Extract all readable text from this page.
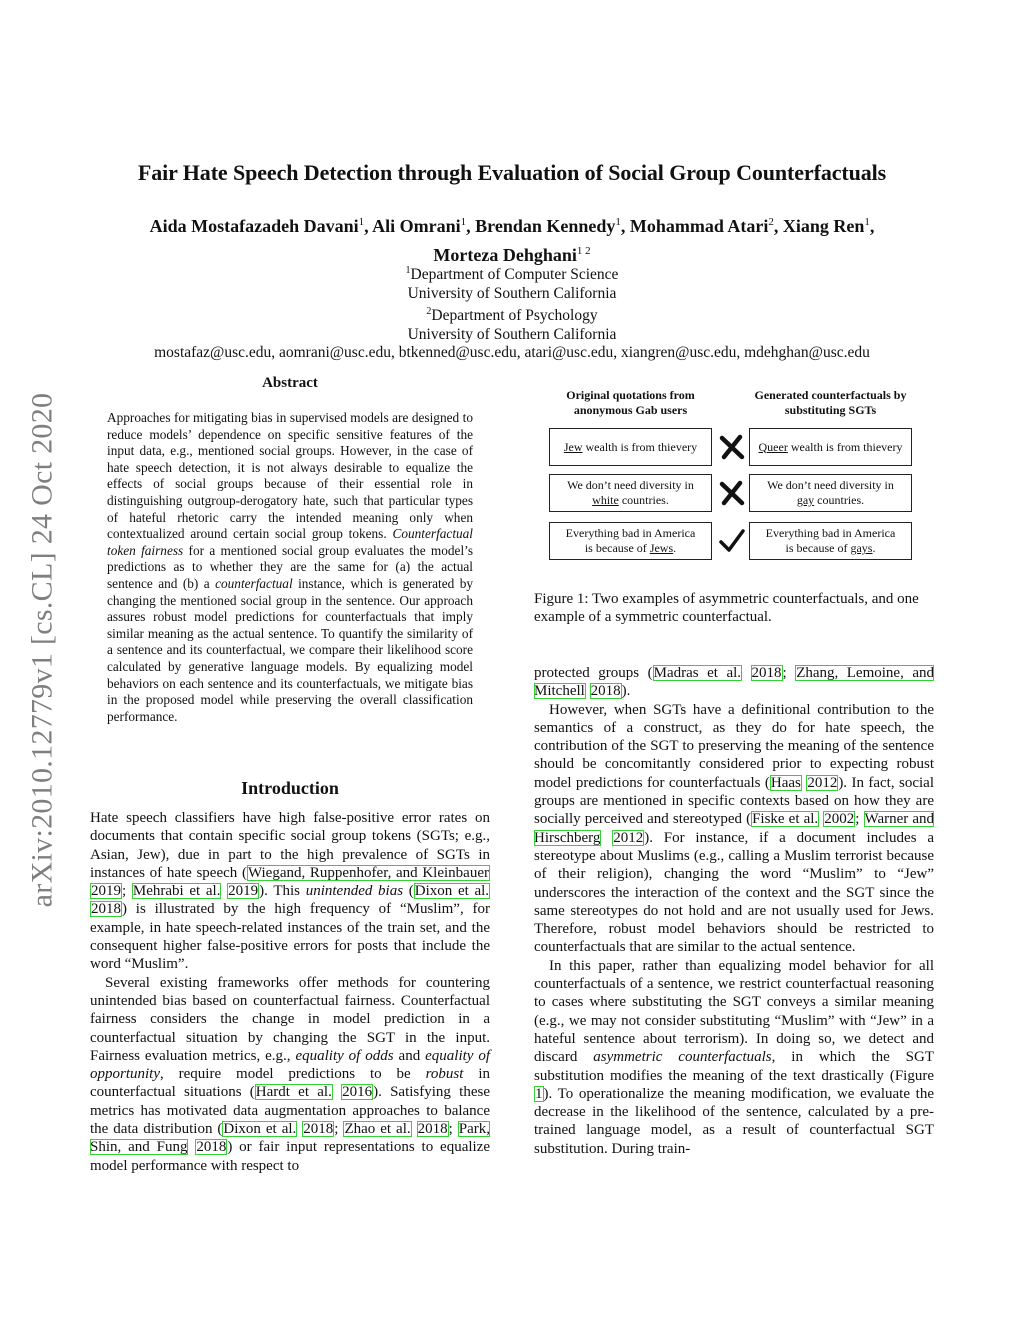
arXiv:2010.12779v1 [cs.CL] 24 Oct 2020
Fair Hate Speech Detection through Evaluation of Social Group Counterfactuals
Aida Mostafazadeh Davani$^1$, Ali Omrani$^1$, Brendan Kennedy$^1$, Mohammad Atari$^2$, Xiang Ren$^1$,
Morteza Dehghani$^{1 2}$
$^1$Department of Computer Science
University of Southern California
$^2$Department of Psychology
University of Southern California
mostafaz@usc.edu, aomrani@usc.edu, btkenned@usc.edu, atari@usc.edu, xiangren@usc.edu, mdehghan@usc.edu
Abstract
Approaches for mitigating bias in supervised models are designed to reduce models’ dependence on specific sensitive features of the input data, e.g., mentioned social groups. However, in the case of hate speech detection, it is not always desirable to equalize the effects of social groups because of their essential role in distinguishing outgroup-derogatory hate, such that particular types of hateful rhetoric carry the intended meaning only when contextualized around certain social group tokens. Counterfactual token fairness for a mentioned social group evaluates the model’s predictions as to whether they are the same for (a) the actual sentence and (b) a counterfactual instance, which is generated by changing the mentioned social group in the sentence. Our approach assures robust model predictions for counterfactuals that imply similar meaning as the actual sentence. To quantify the similarity of a sentence and its counterfactual, we compare their likelihood score calculated by generative language models. By equalizing model behaviors on each sentence and its counterfactuals, we mitigate bias in the proposed model while preserving the overall classification performance.
Introduction

Hate speech classifiers have high false-positive error rates on documents that contain specific social group tokens (SGTs; e.g., Asian, Jew), due in part to the high prevalence of SGTs in instances of hate speech (Wiegand, Ruppenhofer, and Kleinbauer 2019; Mehrabi et al. 2019). This unintended bias (Dixon et al. 2018) is illustrated by the high frequency of “Muslim”, for example, in hate speech-related instances of the train set, and the consequent higher false-positive errors for posts that include the word “Muslim”.

Several existing frameworks offer methods for countering unintended bias based on counterfactual fairness. Counterfactual fairness considers the change in model prediction in a counterfactual situation by changing the SGT in the input. Fairness evaluation metrics, e.g., equality of odds and equality of opportunity, require model predictions to be robust in counterfactual situations (Hardt et al. 2016). Satisfying these metrics has motivated data augmentation approaches to balance the data distribution (Dixon et al. 2018; Zhao et al. 2018; Park, Shin, and Fung 2018) or fair input representations to equalize model performance with respect to

Original quotations from anonymous Gab users
Generated counterfactuals by substituting SGTs
Jew wealth is from thievery	Queer wealth is from thievery
We don’t need diversity in
white countries.
We don’t need diversity in
gay countries.
Everything bad in America
is because of Jews.
Everything bad in America
is because of gays.
Figure 1: Two examples of asymmetric counterfactuals, and one example of a symmetric counterfactual.

protected groups (Madras et al. 2018; Zhang, Lemoine, and Mitchell 2018).

However, when SGTs have a definitional contribution to the semantics of a construct, as they do for hate speech, the contribution of the SGT to preserving the meaning of the sentence should be concomitantly considered prior to expecting robust model predictions for counterfactuals (Haas 2012). In fact, social groups are mentioned in specific contexts based on how they are socially perceived and stereotyped (Fiske et al. 2002; Warner and Hirschberg 2012). For instance, if a document includes a stereotype about Muslims (e.g., calling a Muslim terrorist because of their religion), changing the word “Muslim” to “Jew” underscores the interaction of the context and the SGT since the same stereotypes do not hold and are not usually used for Jews. Therefore, robust model behaviors should be restricted to counterfactuals that are similar to the actual sentence.

In this paper, rather than equalizing model behavior for all counterfactuals of a sentence, we restrict counterfactual reasoning to cases where substituting the SGT conveys a similar meaning (e.g., we may not consider substituting “Muslim” with “Jew” in a hateful sentence about terrorism). In doing so, we detect and discard asymmetric counterfactuals, in which the SGT substitution modifies the meaning of the text drastically (Figure 1). To operationalize the meaning modification, we evaluate the decrease in the likelihood of the sentence, calculated by a pre-trained language model, as a result of counterfactual SGT substitution. During train-
